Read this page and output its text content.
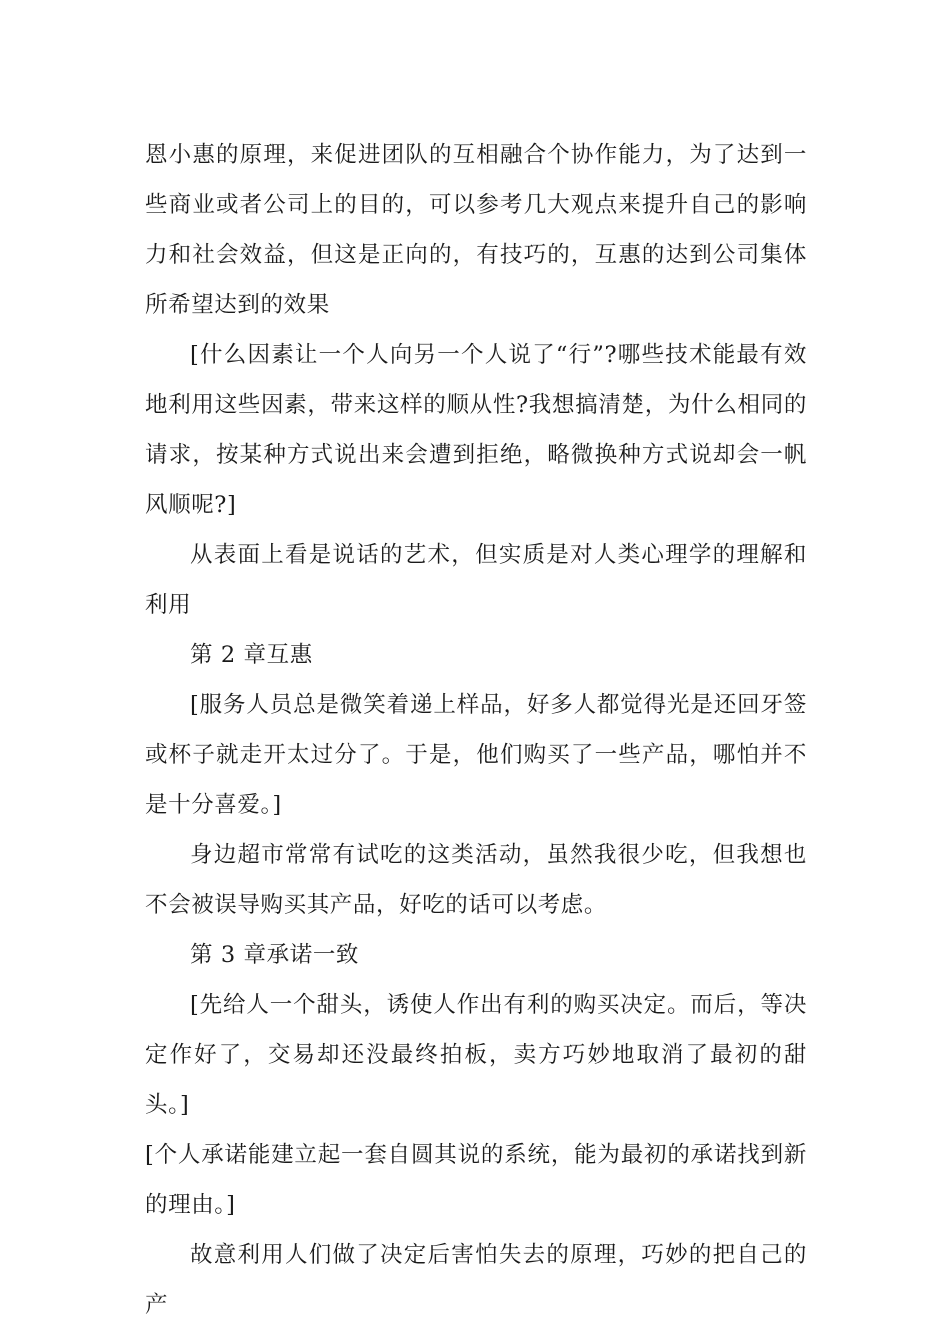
恩小惠的原理，来促进团队的互相融合个协作能力，为了达到一些商业或者公司上的目的，可以参考几大观点来提升自己的影响力和社会效益，但这是正向的，有技巧的，互惠的达到公司集体所希望达到的效果

[什么因素让一个人向另一个人说了“行”?哪些技术能最有效地利用这些因素，带来这样的顺从性?我想搞清楚，为什么相同的请求，按某种方式说出来会遭到拒绝，略微换种方式说却会一帆风顺呢?]

从表面上看是说话的艺术，但实质是对人类心理学的理解和利用

第 2 章互惠

[服务人员总是微笑着递上样品，好多人都觉得光是还回牙签或杯子就走开太过分了。于是，他们购买了一些产品，哪怕并不是十分喜爱。]

身边超市常常有试吃的这类活动，虽然我很少吃，但我想也不会被误导购买其产品，好吃的话可以考虑。

第 3 章承诺一致

[先给人一个甜头，诱使人作出有利的购买决定。而后，等决定作好了，交易却还没最终拍板，卖方巧妙地取消了最初的甜头。]

[个人承诺能建立起一套自圆其说的系统，能为最初的承诺找到新的理由。]

故意利用人们做了决定后害怕失去的原理，巧妙的把自己的产
